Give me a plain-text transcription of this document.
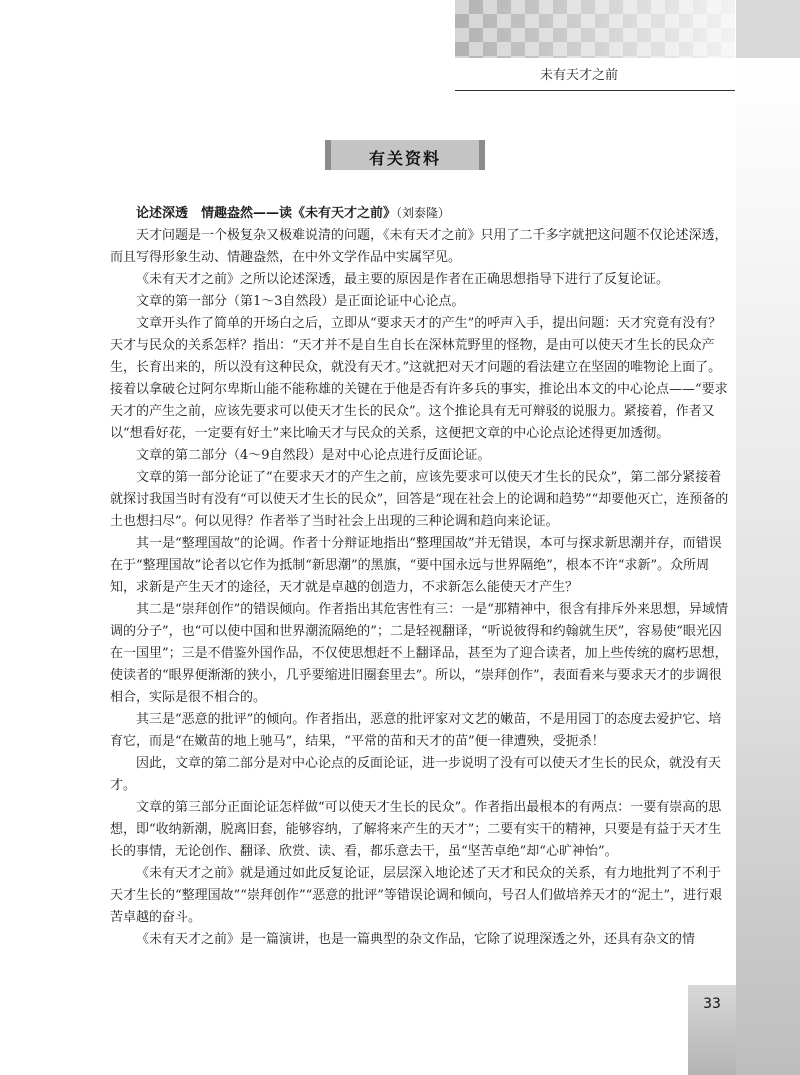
未有天才之前
有关资料

论述深透　情趣盎然——读《未有天才之前》（刘泰隆）

天才问题是一个极复杂又极难说清的问题，《未有天才之前》只用了二千多字就把这问题不仅论述深透，而且写得形象生动、情趣盎然，在中外文学作品中实属罕见。

《未有天才之前》之所以论述深透，最主要的原因是作者在正确思想指导下进行了反复论证。

文章的第一部分（第1～3自然段）是正面论证中心论点。

文章开头作了简单的开场白之后，立即从“要求天才的产生”的呼声入手，提出问题：天才究竟有没有？天才与民众的关系怎样？指出：“天才并不是自生自长在深林荒野里的怪物，是由可以使天才生长的民众产生，长育出来的，所以没有这种民众，就没有天才。”这就把对天才问题的看法建立在坚固的唯物论上面了。接着以拿破仑过阿尔卑斯山能不能称雄的关键在于他是否有许多兵的事实，推论出本文的中心论点——“要求天才的产生之前，应该先要求可以使天才生长的民众”。这个推论具有无可辩驳的说服力。紧接着，作者又以“想看好花，一定要有好土”来比喻天才与民众的关系，这便把文章的中心论点论述得更加透彻。

文章的第二部分（4～9自然段）是对中心论点进行反面论证。

文章的第一部分论证了“在要求天才的产生之前，应该先要求可以使天才生长的民众”，第二部分紧接着就探讨我国当时有没有“可以使天才生长的民众”，回答是“现在社会上的论调和趋势”“却要他灭亡，连预备的土也想扫尽”。何以见得？作者举了当时社会上出现的三种论调和趋向来论证。

其一是“整理国故”的论调。作者十分辩证地指出“整理国故”并无错误，本可与探求新思潮并存，而错误在于“整理国故”论者以它作为抵制“新思潮”的黑旗，“要中国永远与世界隔绝”，根本不许“求新”。众所周知，求新是产生天才的途径，天才就是卓越的创造力，不求新怎么能使天才产生？

其二是“崇拜创作”的错误倾向。作者指出其危害性有三：一是“那精神中，很含有排斥外来思想，异域情调的分子”，也“可以使中国和世界潮流隔绝的”；二是轻视翻译，“听说彼得和约翰就生厌”，容易使“眼光囚在一国里”；三是不借鉴外国作品，不仅使思想赶不上翻译品，甚至为了迎合读者，加上些传统的腐朽思想，使读者的“眼界便渐渐的狭小，几乎要缩进旧圈套里去”。所以，“崇拜创作”，表面看来与要求天才的步调很相合，实际是很不相合的。

其三是“恶意的批评”的倾向。作者指出，恶意的批评家对文艺的嫩苗，不是用园丁的态度去爱护它、培育它，而是“在嫩苗的地上驰马”，结果，“平常的苗和天才的苗”便一律遭殃，受扼杀！

因此，文章的第二部分是对中心论点的反面论证，进一步说明了没有可以使天才生长的民众，就没有天才。

文章的第三部分正面论证怎样做“可以使天才生长的民众”。作者指出最根本的有两点：一要有崇高的思想，即“收纳新潮，脱离旧套，能够容纳，了解将来产生的天才”；二要有实干的精神，只要是有益于天才生长的事情，无论创作、翻译、欣赏、读、看，都乐意去干，虽“坚苦卓绝”却“心旷神怡”。

《未有天才之前》就是通过如此反复论证，层层深入地论述了天才和民众的关系，有力地批判了不利于天才生长的“整理国故”“崇拜创作”“恶意的批评”等错误论调和倾向，号召人们做培养天才的“泥土”，进行艰苦卓越的奋斗。

《未有天才之前》是一篇演讲，也是一篇典型的杂文作品，它除了说理深透之外，还具有杂文的情

33
